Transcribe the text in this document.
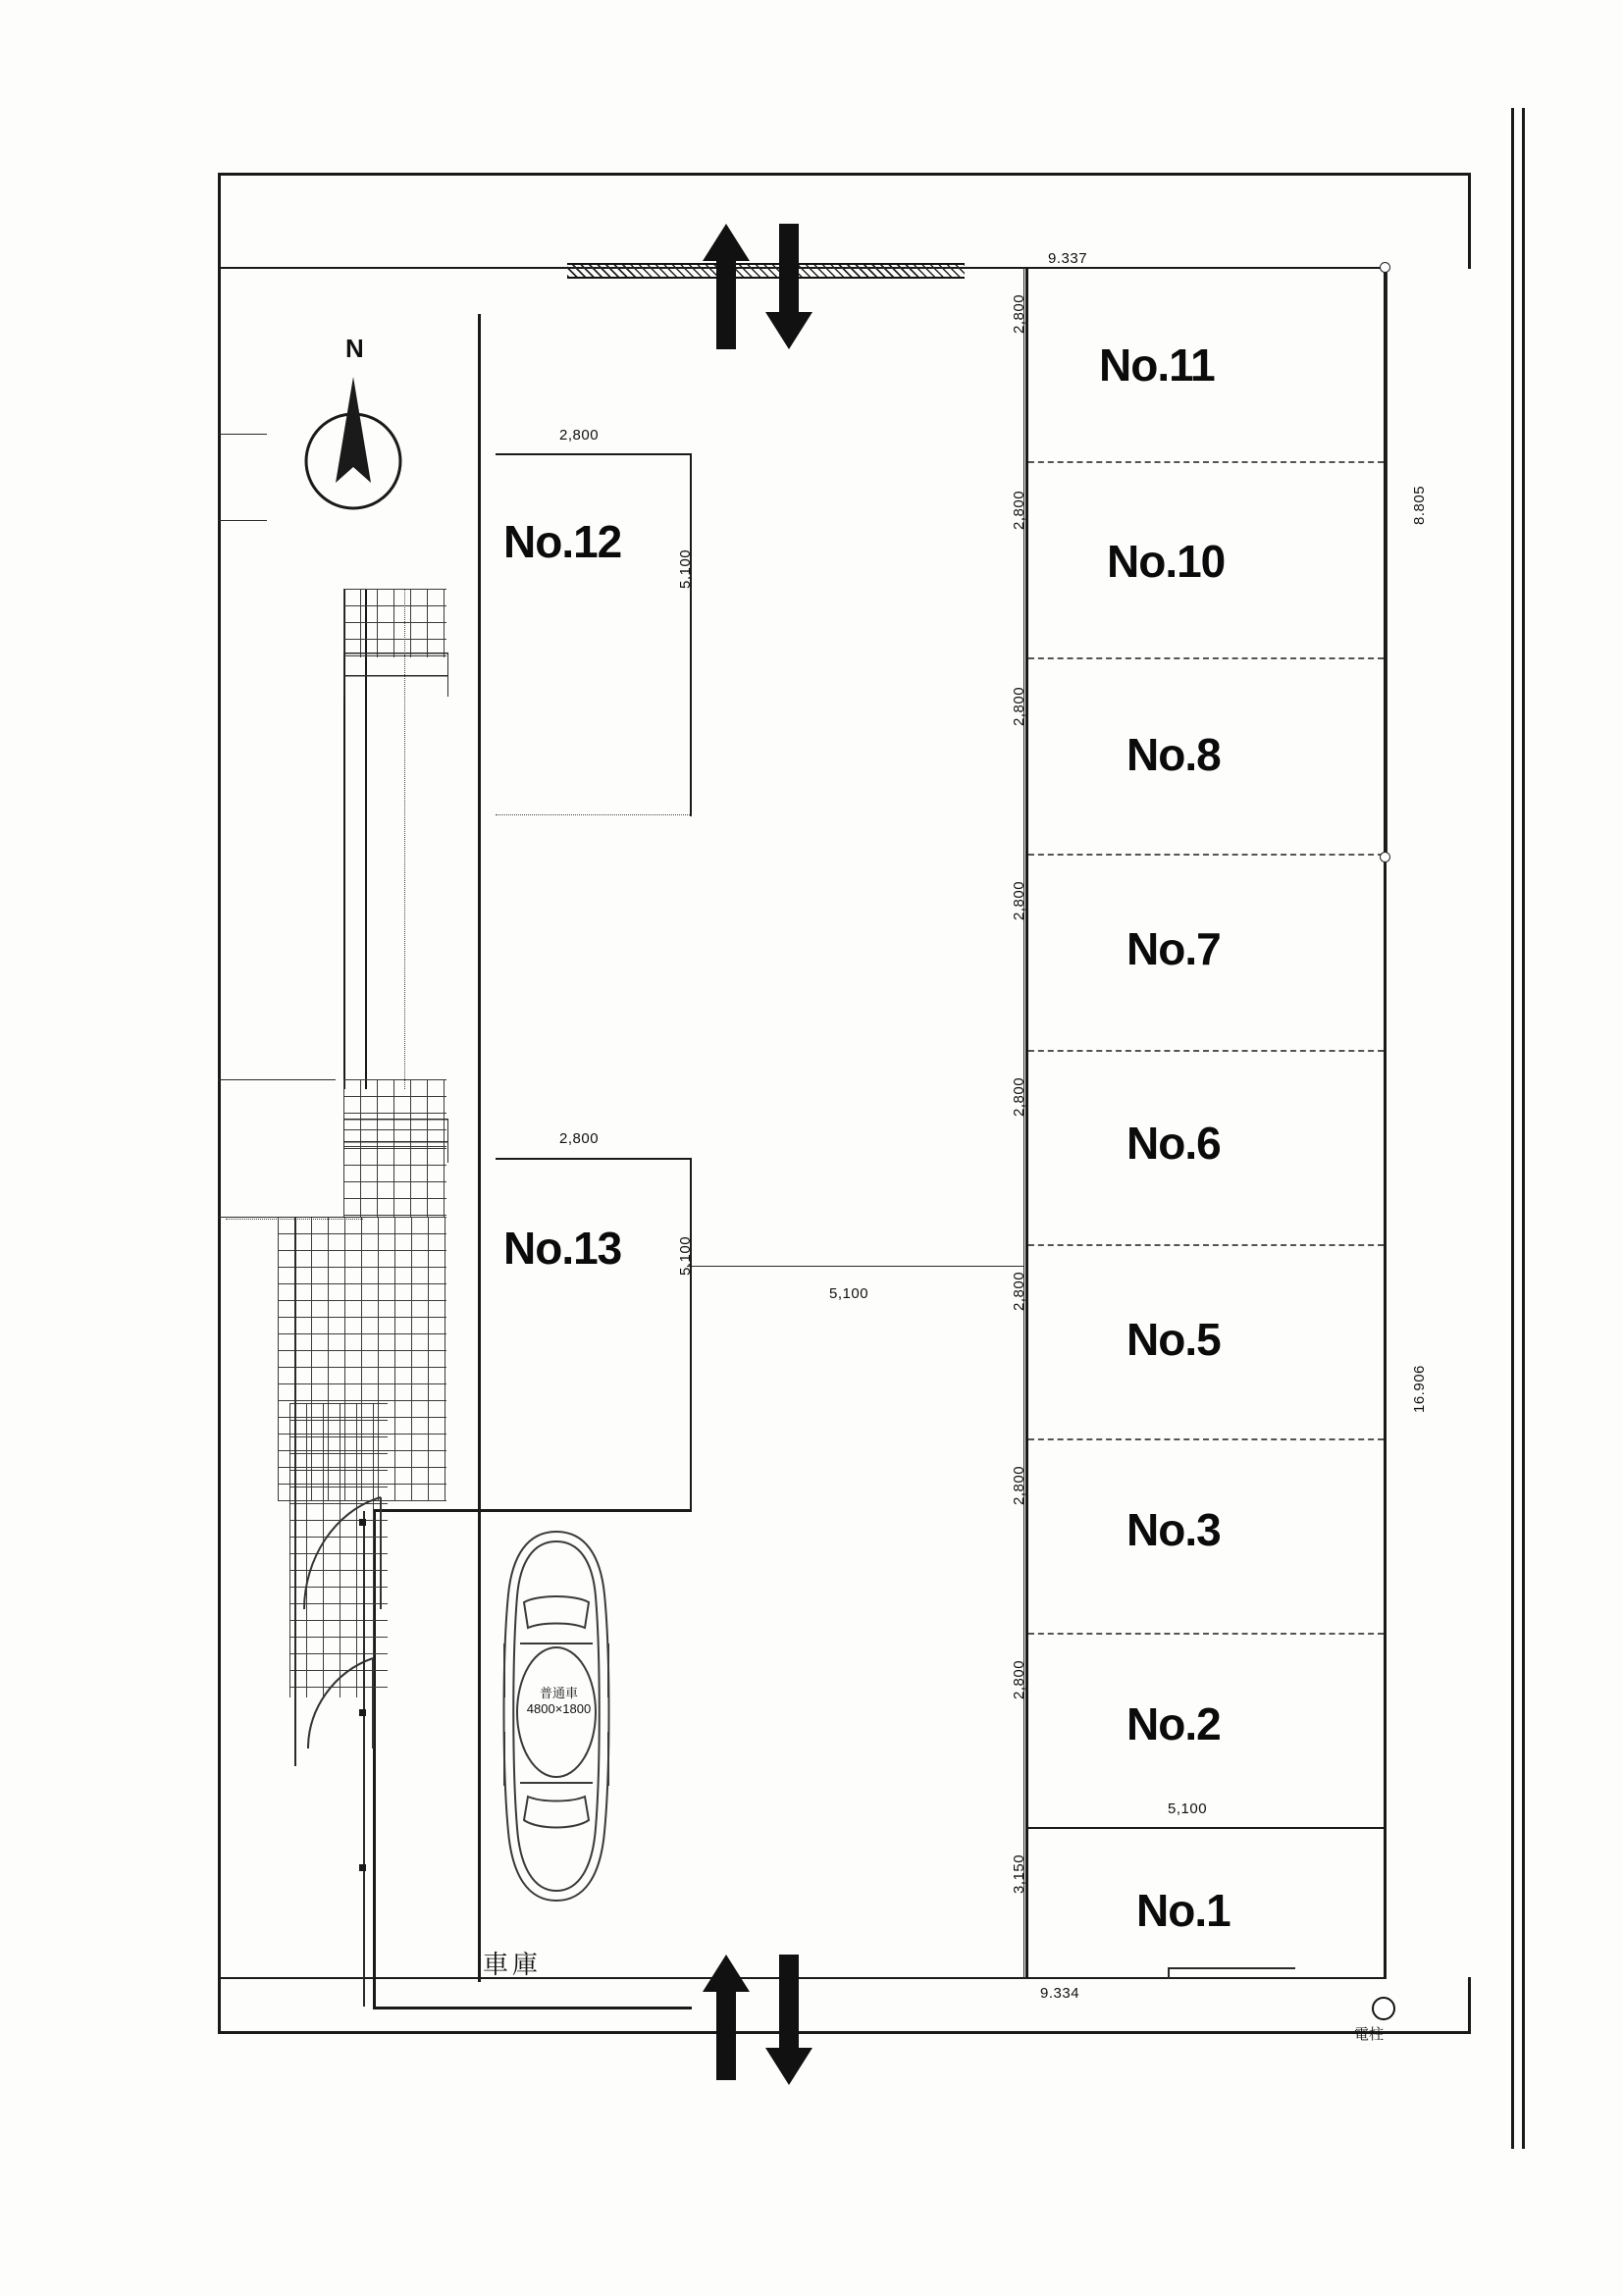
No.11
No.10
No.8
No.7
No.6
No.5
No.3
No.2
No.1
2,800
2,800
2,800
2,800
2,800
2,800
2,800
2,800
3,150
9.337
9.334
8.805
16.906
5,100
5,100
No.12
2,800
5,100
No.13
2,800
5,100
車庫
普通車
4800×1800
N
電柱
